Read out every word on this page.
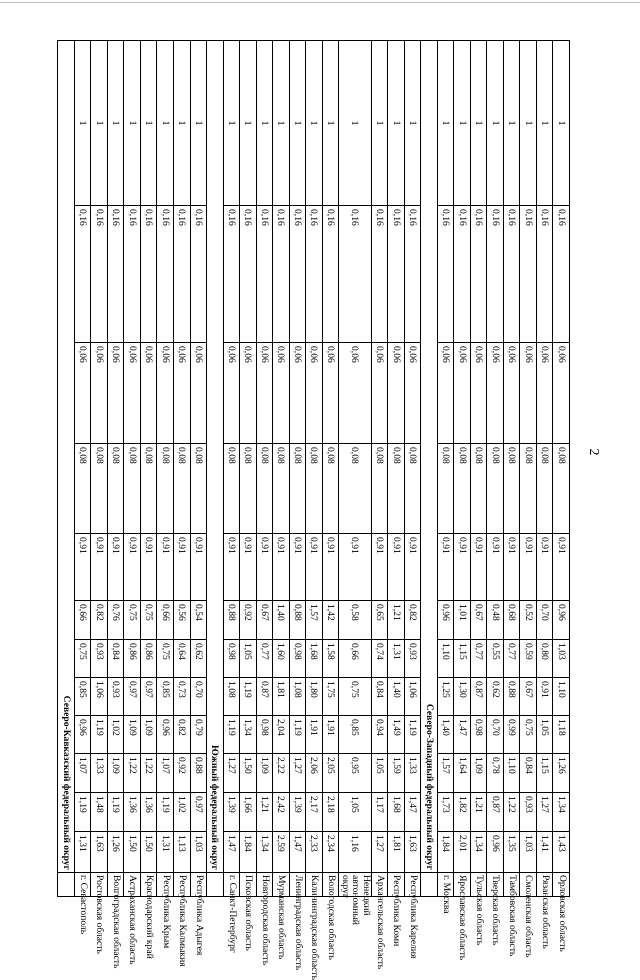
2
1	0,16	0,06	0,08	0,91	0,96	1,03	1,10	1,18	1,26	1,34	1,43	Орловская область
1	0,16	0,06	0,08	0,91	0,70	0,80	0,91	1,05	1,15	1,27	1,41	Рязанская область
1	0,16	0,06	0,08	0,91	0,52	0,59	0,67	0,75	0,84	0,93	1,03	Смоленская область
1	0,16	0,06	0,08	0,91	0,68	0,77	0,88	0,99	1,10	1,22	1,35	Тамбовская область
1	0,16	0,06	0,08	0,91	0,48	0,55	0,62	0,70	0,78	0,87	0,96	Тверская область
1	0,16	0,06	0,08	0,91	0,67	0,77	0,87	0,98	1,09	1,21	1,34	Тульская область
1	0,16	0,06	0,08	0,91	1,01	1,15	1,30	1,47	1,64	1,82	2,01	Ярославская область
1	0,16	0,06	0,08	0,91	0,96	1,10	1,25	1,40	1,57	1,73	1,84	г. Москва
Северо-Западный федеральный округ												
1	0,16	0,06	0,08	0,91	0,82	0,93	1,06	1,19	1,33	1,47	1,63	Республика Карелия
1	0,16	0,06	0,08	0,91	1,21	1,31	1,40	1,49	1,59	1,68	1,81	Республика Коми
1	0,16	0,06	0,08	0,91	0,65	0,74	0,84	0,94	1,05	1,17	1,27	Архангельская область
1	0,16	0,06	0,08	0,91	0,58	0,66	0,75	0,85	0,95	1,05	1,16	Ненецкий автономный округ
1	0,16	0,06	0,08	0,91	1,42	1,58	1,75	1,91	2,05	2,18	2,34	Вологодская область
1	0,16	0,06	0,08	0,91	1,57	1,68	1,80	1,91	2,06	2,17	2,33	Калининградская область
1	0,16	0,06	0,08	0,91	0,88	0,98	1,08	1,19	1,27	1,39	1,47	Ленинградская область
1	0,16	0,06	0,08	0,91	1,40	1,60	1,81	2,04	2,22	2,42	2,59	Мурманская область
1	0,16	0,06	0,08	0,91	0,67	0,77	0,87	0,98	1,09	1,21	1,34	Новгородская область
1	0,16	0,06	0,08	0,91	0,92	1,05	1,19	1,34	1,50	1,66	1,84	Псковская область
1	0,16	0,06	0,08	0,91	0,88	0,98	1,08	1,19	1,27	1,39	1,47	г. Санкт-Петербург
Южный федеральный округ												
1	0,16	0,06	0,08	0,91	0,54	0,62	0,70	0,79	0,88	0,97	1,03	Республика Адыгея
1	0,16	0,06	0,08	0,91	0,56	0,64	0,73	0,82	0,92	1,02	1,13	Республика Калмыкия
1	0,16	0,06	0,08	0,91	0,66	0,75	0,85	0,96	1,07	1,19	1,31	Республика Крым
1	0,16	0,06	0,08	0,91	0,75	0,86	0,97	1,09	1,22	1,36	1,50	Краснодарский край
1	0,16	0,06	0,08	0,91	0,75	0,86	0,97	1,09	1,22	1,36	1,50	Астраханская область
1	0,16	0,06	0,08	0,91	0,76	0,84	0,93	1,02	1,09	1,19	1,26	Волгоградская область
1	0,16	0,06	0,08	0,91	0,82	0,93	1,06	1,19	1,33	1,48	1,63	Ростовская область
1	0,16	0,06	0,08	0,91	0,66	0,75	0,85	0,96	1,07	1,19	1,31	г. Севастополь
Северо-Кавказский федеральный округ												
